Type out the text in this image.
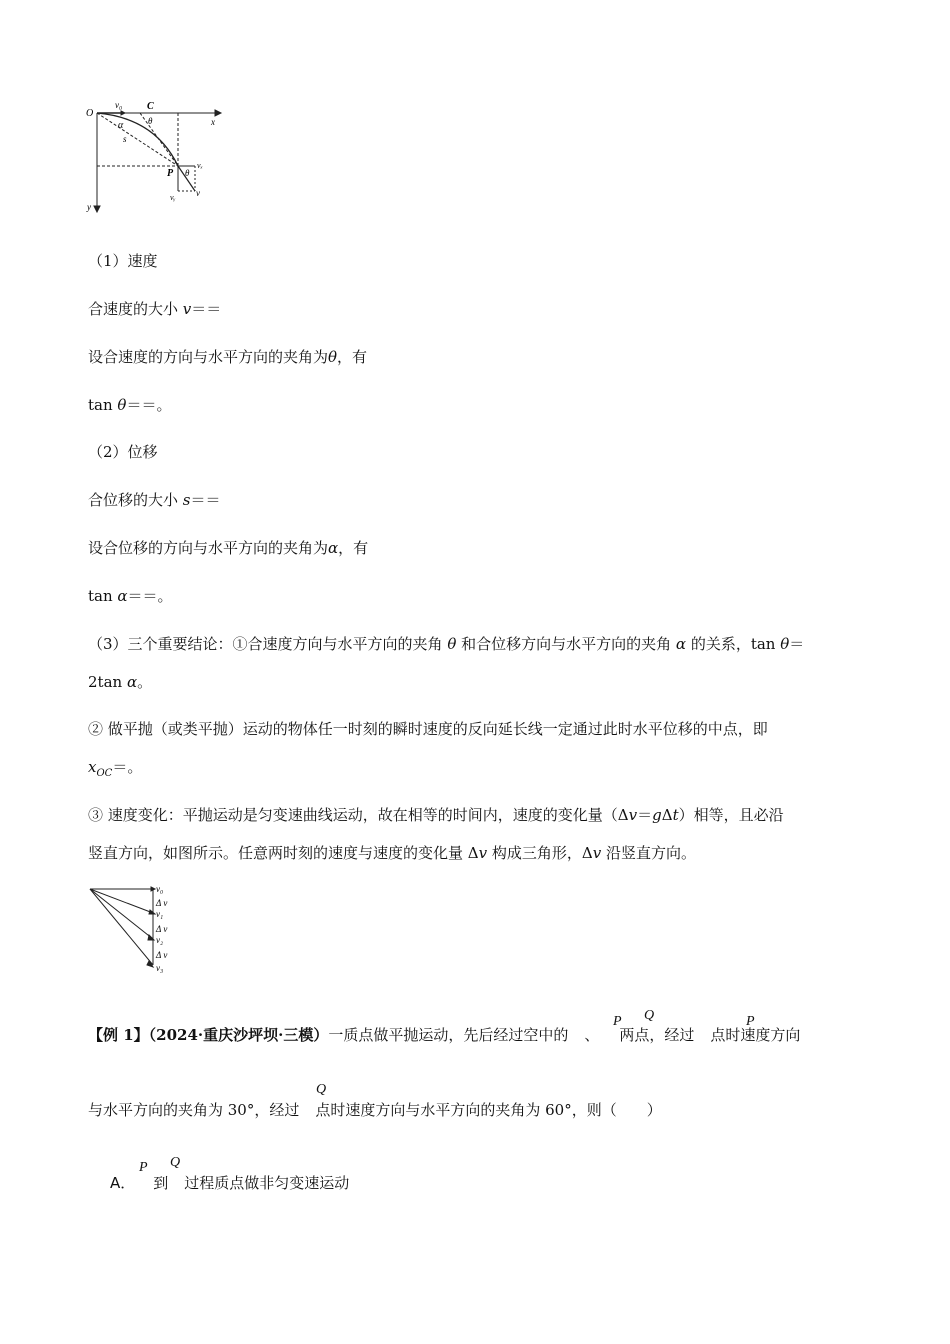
O
v₀ C
θ
α	x
s
P
vₓ
θ
vᵧ v
y
（1）速度
合速度的大小 v＝＝
设合速度的方向与水平方向的夹角为θ，有
tan θ＝＝。
（2）位移
合位移的大小 s＝＝
设合位移的方向与水平方向的夹角为α，有
tan α＝＝。
（3）三个重要结论：①合速度方向与水平方向的夹角 θ 和合位移方向与水平方向的夹角 α 的关系，tan θ＝
2tan α。
② 做平抛（或类平抛）运动的物体任一时刻的瞬时速度的反向延长线一定通过此时水平位移的中点，即
$x_{OC}=$。
③ 速度变化：平抛运动是匀变速曲线运动，故在相等的时间内，速度的变化量（Δv＝gΔt）相等，且必沿
竖直方向，如图所示。任意两时刻的速度与速度的变化量 Δv 构成三角形，Δv 沿竖直方向。
v₀
Δ v
v₁
Δ v
v₂
Δ v
v₃
【例 1】（2024·重庆沙坪坝·三模）一质点做平抛运动，先后经过空中的 、 两点，经过 点时速度方向
P Q	P
与水平方向的夹角为 30°，经过 点时速度方向与水平方向的夹角为 60°，则（　　）
Q
A． 到 过程质点做非匀变速运动
P Q
